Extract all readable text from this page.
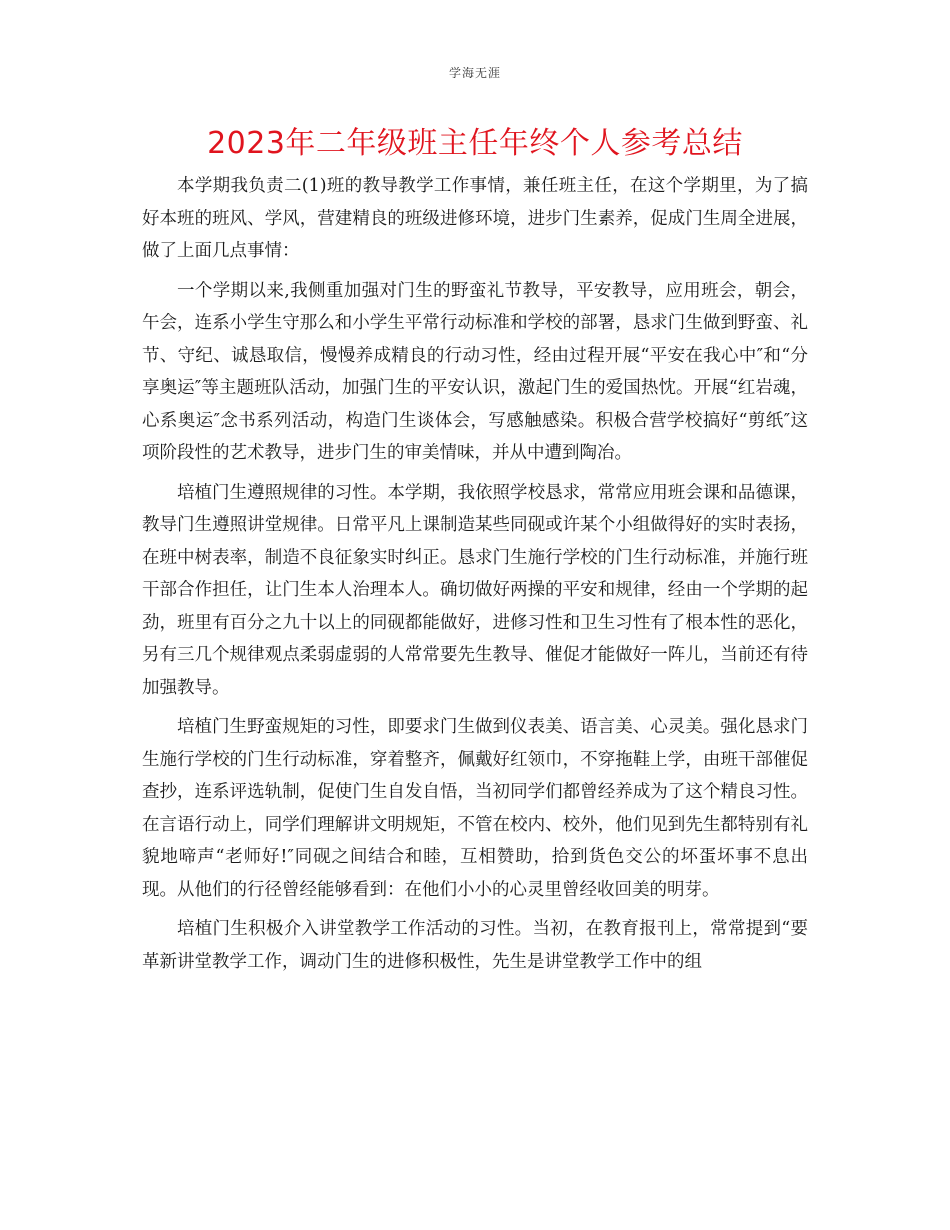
学海无涯
2023年二年级班主任年终个人参考总结

本学期我负责二(1)班的教导教学工作事情，兼任班主任，在这个学期里，为了搞好本班的班风、学风，营建精良的班级进修环境，进步门生素养，促成门生周全进展，做了上面几点事情：

一个学期以来,我侧重加强对门生的野蛮礼节教导，平安教导，应用班会，朝会，午会，连系小学生守那么和小学生平常行动标准和学校的部署，恳求门生做到野蛮、礼节、守纪、诚恳取信，慢慢养成精良的行动习性，经由过程开展“平安在我心中″和“分享奥运″等主题班队活动，加强门生的平安认识，激起门生的爱国热忱。开展“红岩魂，心系奥运″念书系列活动，构造门生谈体会，写感触感染。积极合营学校搞好“剪纸″这项阶段性的艺术教导，进步门生的审美情味，并从中遭到陶冶。

培植门生遵照规律的习性。本学期，我依照学校恳求，常常应用班会课和品德课，教导门生遵照讲堂规律。日常平凡上课制造某些同砚或许某个小组做得好的实时表扬，在班中树表率，制造不良征象实时纠正。恳求门生施行学校的门生行动标准，并施行班干部合作担任，让门生本人治理本人。确切做好两操的平安和规律，经由一个学期的起劲，班里有百分之九十以上的同砚都能做好，进修习性和卫生习性有了根本性的恶化，另有三几个规律观点柔弱虚弱的人常常要先生教导、催促才能做好一阵儿，当前还有待加强教导。

培植门生野蛮规矩的习性，即要求门生做到仪表美、语言美、心灵美。强化恳求门生施行学校的门生行动标准，穿着整齐，佩戴好红领巾，不穿拖鞋上学，由班干部催促查抄，连系评选轨制，促使门生自发自悟，当初同学们都曾经养成为了这个精良习性。在言语行动上，同学们理解讲文明规矩，不管在校内、校外，他们见到先生都特别有礼貌地啼声“老师好!″同砚之间结合和睦，互相赞助，拾到货色交公的坏蛋坏事不息出现。从他们的行径曾经能够看到：在他们小小的心灵里曾经收回美的明芽。

培植门生积极介入讲堂教学工作活动的习性。当初，在教育报刊上，常常提到“要革新讲堂教学工作，调动门生的进修积极性，先生是讲堂教学工作中的组
